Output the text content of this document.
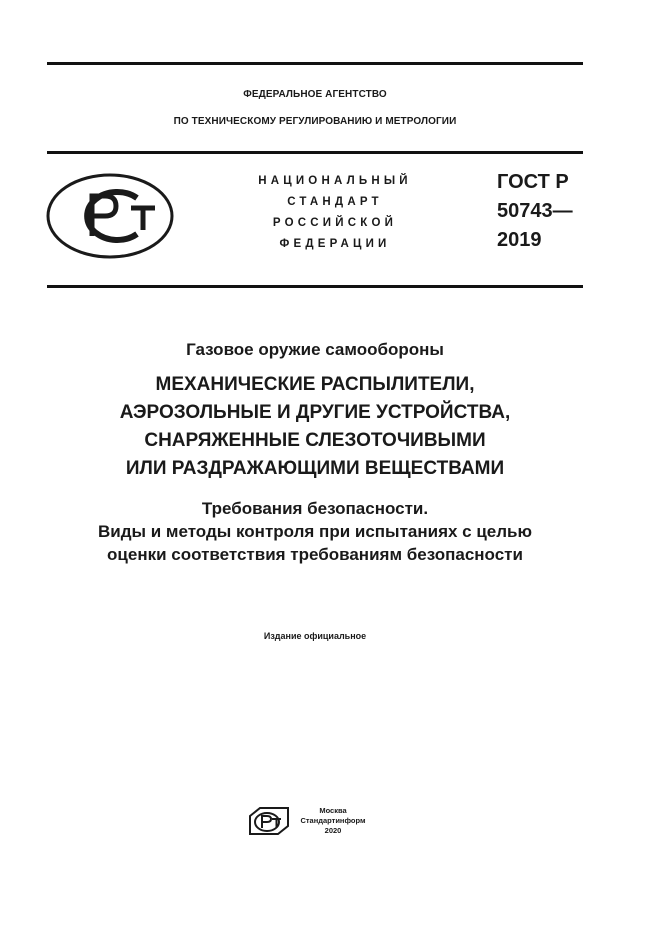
ФЕДЕРАЛЬНОЕ АГЕНТСТВО
ПО ТЕХНИЧЕСКОМУ РЕГУЛИРОВАНИЮ И МЕТРОЛОГИИ
НАЦИОНАЛЬНЫЙ
СТАНДАРТ
РОССИЙСКОЙ
ФЕДЕРАЦИИ
ГОСТ Р
50743—
2019
Газовое оружие самообороны
МЕХАНИЧЕСКИЕ РАСПЫЛИТЕЛИ,
АЭРОЗОЛЬНЫЕ И ДРУГИЕ УСТРОЙСТВА,
СНАРЯЖЕННЫЕ СЛЕЗОТОЧИВЫМИ
ИЛИ РАЗДРАЖАЮЩИМИ ВЕЩЕСТВАМИ
Требования безопасности.
Виды и методы контроля при испытаниях с целью
оценки соответствия требованиям безопасности
Издание официальное
Москва
Стандартинформ
2020
